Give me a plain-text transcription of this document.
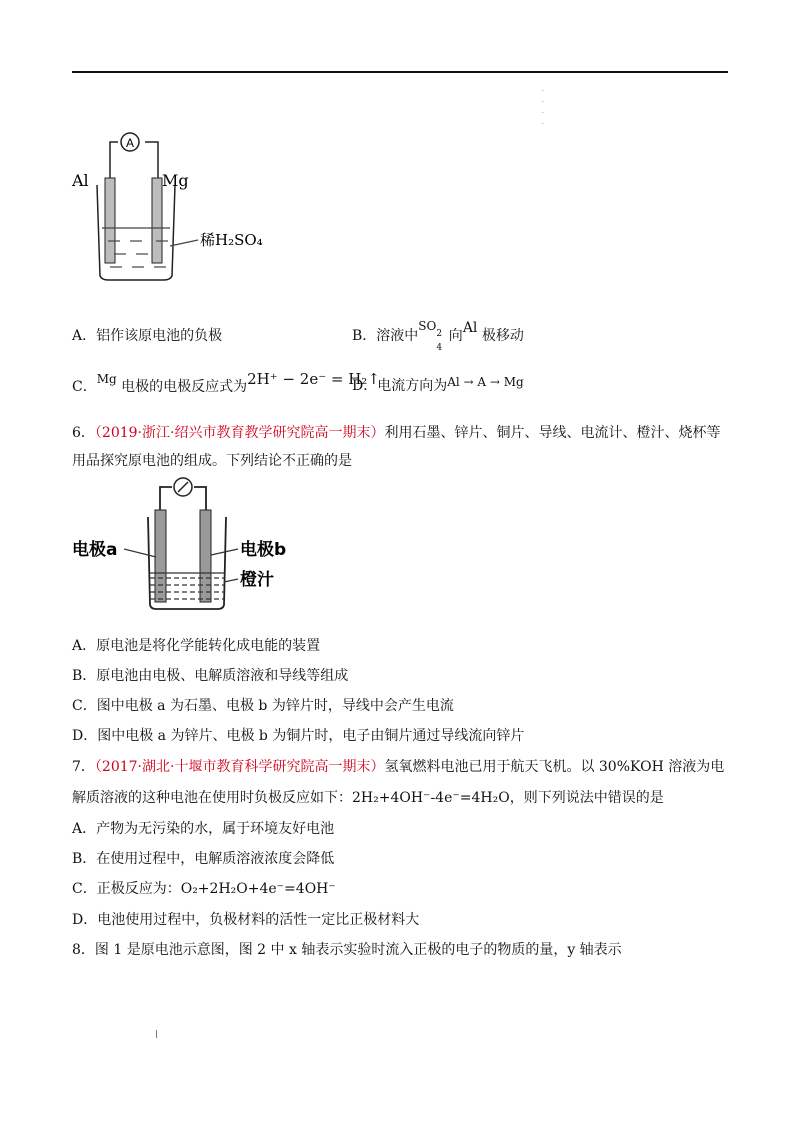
·
·
·
·
A
Al	Mg
稀H₂SO₄
A．铝作该原电池的负极	B．溶液中SO
2
4
向Al 极移动
C．Mg 电极的电极反应式为2H⁺ − 2e⁻ = H₂↑
D．电流方向为Al → A → Mg
6．（2019·浙江·绍兴市教育教学研究院高一期末）利用石墨、锌片、铜片、导线、电流计、橙汁、烧杯等
用品探究原电池的组成。下列结论不正确的是
电极a	电极b
橙汁
A．原电池是将化学能转化成电能的装置
B．原电池由电极、电解质溶液和导线等组成
C．图中电极 a 为石墨、电极 b 为锌片时，导线中会产生电流
D．图中电极 a 为锌片、电极 b 为铜片时，电子由铜片通过导线流向锌片
7．（2017·湖北·十堰市教育科学研究院高一期末）氢氧燃料电池已用于航天飞机。以 30%KOH 溶液为电
解质溶液的这种电池在使用时负极反应如下：2H₂+4OH⁻-4e⁻=4H₂O，则下列说法中错误的是
A．产物为无污染的水，属于环境友好电池
B．在使用过程中，电解质溶液浓度会降低
C．正极反应为：O₂+2H₂O+4e⁻=4OH⁻
D．电池使用过程中，负极材料的活性一定比正极材料大
8．图 1 是原电池示意图，图 2 中 x 轴表示实验时流入正极的电子的物质的量，y 轴表示
